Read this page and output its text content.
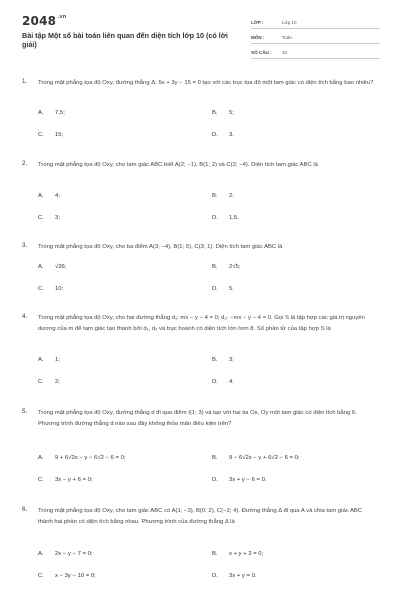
$2048^{.vn}$
Bài tập Một số bài toán liên quan đến diện tích lớp 10 (có lời giải)
LỚP :	Lớp 10
MÔN :	Toán
SỐ CÂU :	10
1. Trong mặt phẳng tọa độ Oxy, đường thẳng Δ: 5x + 3y − 15 = 0 tạo với các trục tọa độ một tam giác có diện tích bằng bao nhiêu?
A.	7,5;	B.	5;
C.	15;	D.	3.
2. Trong mặt phẳng tọa độ Oxy, cho tam giác ABC biết A(2; −1), B(1; 2) và C(2; −4). Diện tích tam giác ABC là
A.	4;	B.	2;
C.	3;	D.	1,5.
3. Trong mặt phẳng tọa độ Oxy, cho ba điểm A(3; −4), B(1; 5), C(3; 1). Diện tích tam giác ABC là
A.	√26;	B.	2√5;
C.	10;	D.	5.
4. Trong mặt phẳng tọa độ Oxy, cho hai đường thẳng d₁: mx − y − 4 = 0; d₂: −mx − y − 4 = 0. Gọi S là tập hợp các giá trị nguyên dương của m để tam giác tạo thành bởi d₁, d₂ và trục hoành có diện tích lớn hơn 8. Số phần tử của tập hợp S là
A.	1;	B.	3;
C.	2;	D.	4.
5. Trong mặt phẳng tọa độ Oxy, đường thẳng d đi qua điểm I(1; 3) và tạo với hai tia Ox, Oy một tam giác có diện tích bằng 6. Phương trình đường thẳng d nào sau đây không thỏa mãn điều kiện trên?
A.	9 + 6√2x − y − 6√2 − 6 = 0;	B.	9 − 6√2x − y + 6√2 − 6 = 0;
C.	3x − y + 6 = 0;	D.	3x + y − 6 = 0.
6. Trong mặt phẳng tọa độ Oxy, cho tam giác ABC có A(1; −3), B(0; 2), C(−2; 4). Đường thẳng Δ đi qua A và chia tam giác ABC thành hai phần có diện tích bằng nhau. Phương trình của đường thẳng Δ là
A.	2x − y − 7 = 0;	B.	x + y + 2 = 0;
C.	x − 3y − 10 = 0;	D.	3x + y = 0.
